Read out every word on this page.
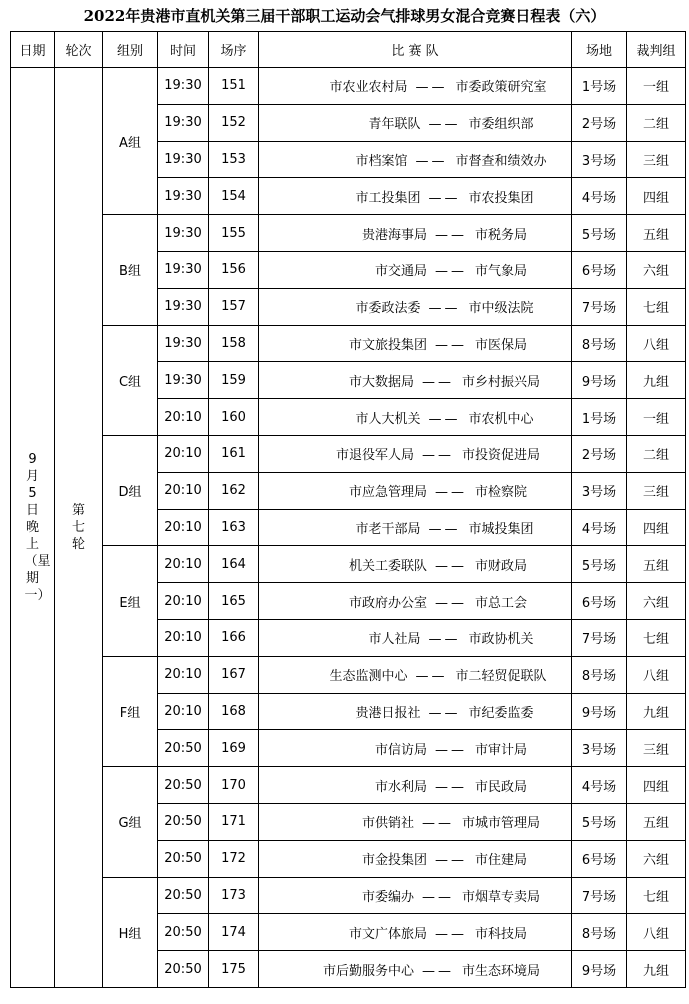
2022年贵港市直机关第三届干部职工运动会气排球男女混合竞赛日程表（六）
日期	轮次	组别	时间	场序	比 赛 队	场地	裁判组
9月5日晚上（星期一）	第七轮	A组	19:30	151	市农业农村局 —— 市委政策研究室	1号场	一组
			19:30	152	青年联队 —— 市委组织部	2号场	二组
			19:30	153	市档案馆 —— 市督查和绩效办	3号场	三组
			19:30	154	市工投集团 —— 市农投集团	4号场	四组
		B组	19:30	155	贵港海事局 —— 市税务局	5号场	五组
			19:30	156	市交通局 —— 市气象局	6号场	六组
			19:30	157	市委政法委 —— 市中级法院	7号场	七组
		C组	19:30	158	市文旅投集团 —— 市医保局	8号场	八组
			19:30	159	市大数据局 —— 市乡村振兴局	9号场	九组
			20:10	160	市人大机关 —— 市农机中心	1号场	一组
		D组	20:10	161	市退役军人局 —— 市投资促进局	2号场	二组
			20:10	162	市应急管理局 —— 市检察院	3号场	三组
			20:10	163	市老干部局 —— 市城投集团	4号场	四组
		E组	20:10	164	机关工委联队 —— 市财政局	5号场	五组
			20:10	165	市政府办公室 —— 市总工会	6号场	六组
			20:10	166	市人社局 —— 市政协机关	7号场	七组
		F组	20:10	167	生态监测中心 —— 市二轻贸促联队	8号场	八组
			20:10	168	贵港日报社 —— 市纪委监委	9号场	九组
			20:50	169	市信访局 —— 市审计局	3号场	三组
		G组	20:50	170	市水利局 —— 市民政局	4号场	四组
			20:50	171	市供销社 —— 市城市管理局	5号场	五组
			20:50	172	市金投集团 —— 市住建局	6号场	六组
		H组	20:50	173	市委编办 —— 市烟草专卖局	7号场	七组
			20:50	174	市文广体旅局 —— 市科技局	8号场	八组
			20:50	175	市后勤服务中心 —— 市生态环境局	9号场	九组
